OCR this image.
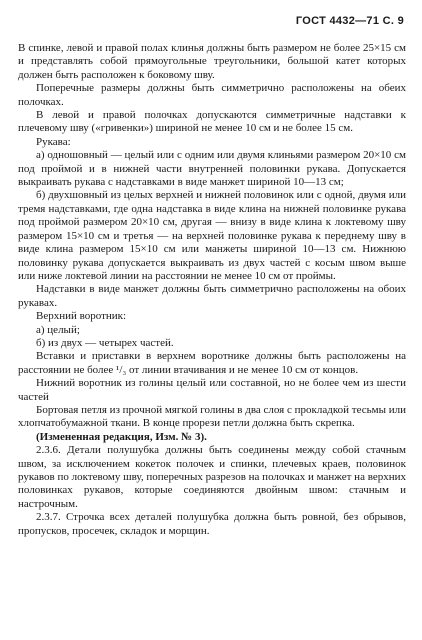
ГОСТ 4432—71 С. 9

В спинке, левой и правой полах клинья должны быть размером не более 25×15 см и представлять собой прямоугольные треугольники, большой катет которых должен быть расположен к боковому шву.

Поперечные размеры должны быть симметрично расположены на обеих полочках.

В левой и правой полочках допускаются симметричные надставки к плечевому шву («гривенки») шириной не менее 10 см и не более 15 см.

Рукава:

а) одношовный — целый или с одним или двумя клиньями размером 20×10 см под проймой и в нижней части внутренней половинки рукава. Допускается выкраивать рукава с надставками в виде манжет шириной 10—13 см;

б) двухшовный из целых верхней и нижней половинок или с одной, двумя или тремя надставками, где одна надставка в виде клина на нижней половинке рукава под проймой размером 20×10 см, другая — внизу в виде клина к локтевому шву размером 15×10 см и третья — на верхней половинке рукава к переднему шву в виде клина размером 15×10 см или манжеты шириной 10—13 см. Нижнюю половинку рукава допускается выкраивать из двух частей с косым швом выше или ниже локтевой линии на расстоянии не менее 10 см от проймы.

Надставки в виде манжет должны быть симметрично расположены на обоих рукавах.

Верхний воротник:

а) целый;

б) из двух — четырех частей.

Вставки и приставки в верхнем воротнике должны быть расположены на расстоянии не более ¹/₃ от линии втачивания и не менее 10 см от концов.

Нижний воротник из голины целый или составной, но не более чем из шести частей

Бортовая петля из прочной мягкой голины в два слоя с прокладкой тесьмы или хлопчатобумажной ткани. В конце прорези петли должна быть скрепка.

(Измененная редакция, Изм. № 3).

2.3.6. Детали полушубка должны быть соединены между собой стачным швом, за исключением кокеток полочек и спинки, плечевых краев, половинок рукавов по локтевому шву, поперечных разрезов на полочках и манжет на верхних половинках рукавов, которые соединяются двойным швом: стачным и настрочным.

2.3.7. Строчка всех деталей полушубка должна быть ровной, без обрывов, пропусков, просечек, складок и морщин.
